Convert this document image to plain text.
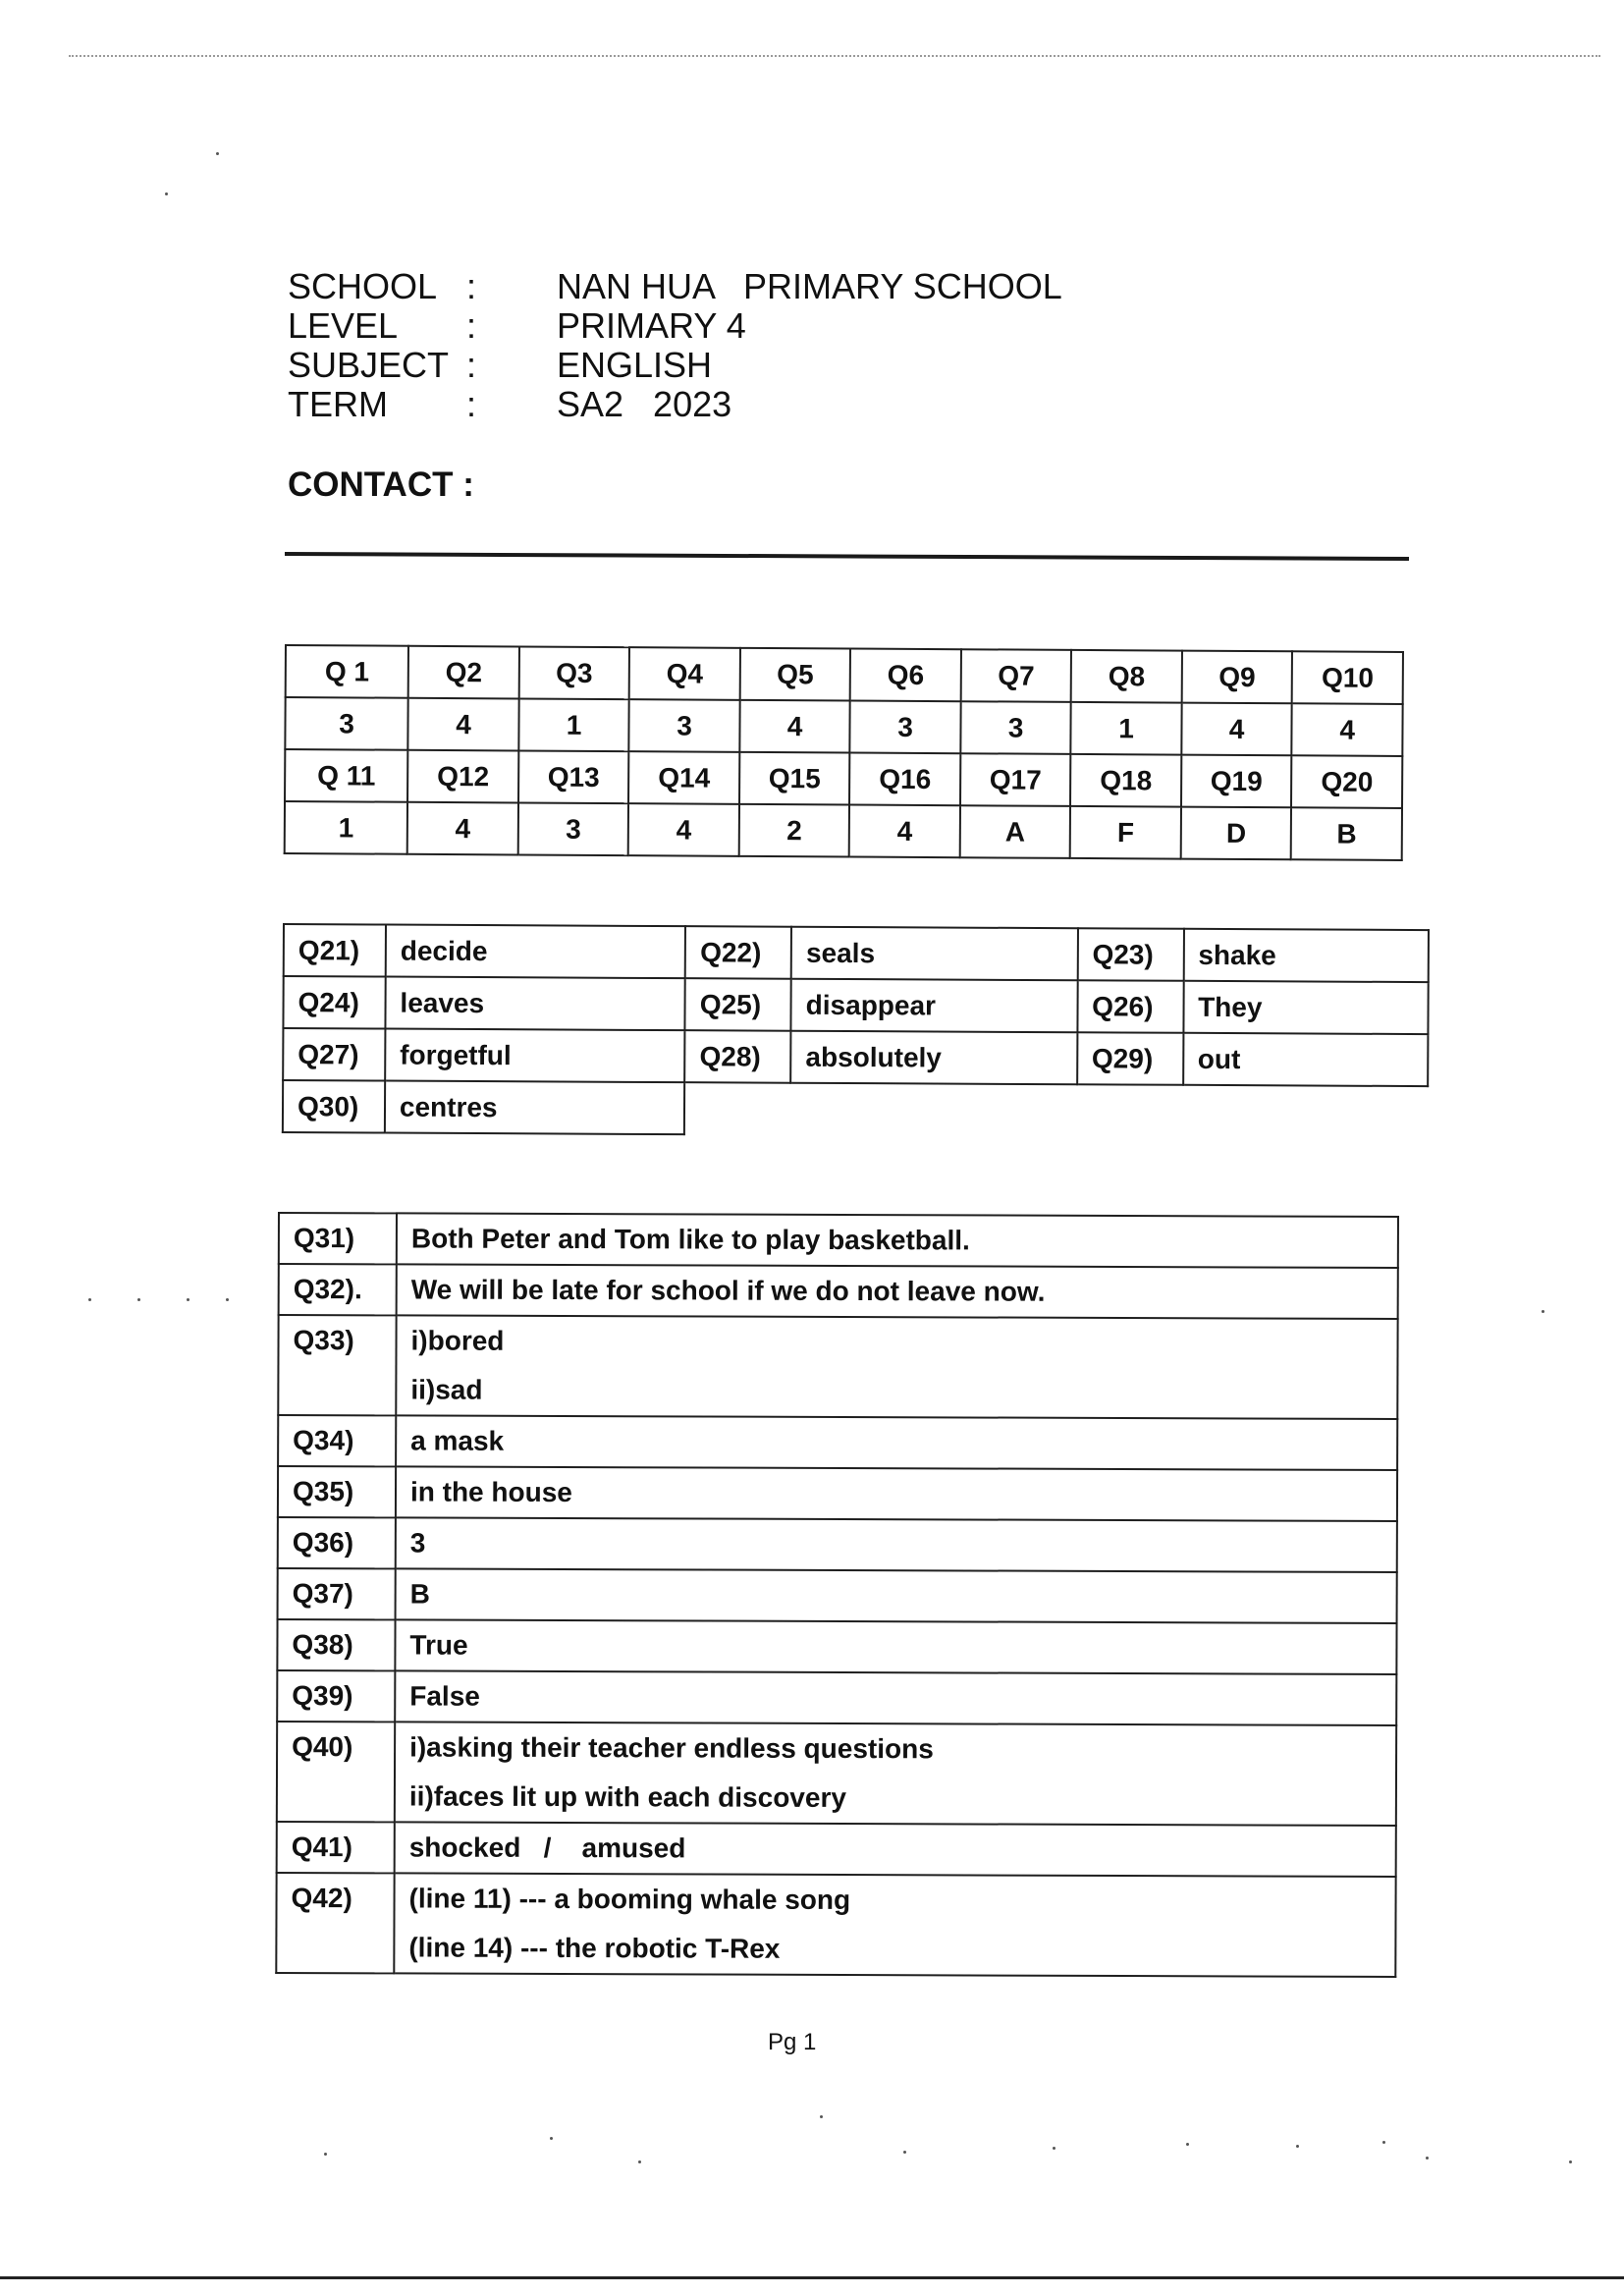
SCHOOL :	NAN HUA   PRIMARY SCHOOL
LEVEL	:	PRIMARY 4
SUBJECT :	ENGLISH
TERM	:	SA2   2023
CONTACT :
Q 1	Q2	Q3	Q4	Q5	Q6	Q7	Q8	Q9	Q10
3	4	1	3	4	3	3	1	4	4
Q 11	Q12	Q13	Q14	Q15	Q16	Q17	Q18	Q19	Q20
1	4	3	4	2	4	A	F	D	B
Q21)	decide	Q22)	seals	Q23)	shake
Q24)	leaves	Q25)	disappear	Q26)	They
Q27)	forgetful	Q28)	absolutely	Q29)	out
Q30)	centres				
Q31)	Both Peter and Tom like to play basketball.

Q32).	We will be late for school if we do not leave now.

Q33)	i)bored
ii)sad

Q34)	a mask

Q35)	in the house

Q36)	3

Q37)	B

Q38)	True

Q39)	False

Q40)	i)asking their teacher endless questions
ii)faces lit up with each discovery

Q41)	shocked   /    amused

Q42)	(line 11) --- a booming whale song
(line 14) --- the robotic T-Rex
Pg 1
